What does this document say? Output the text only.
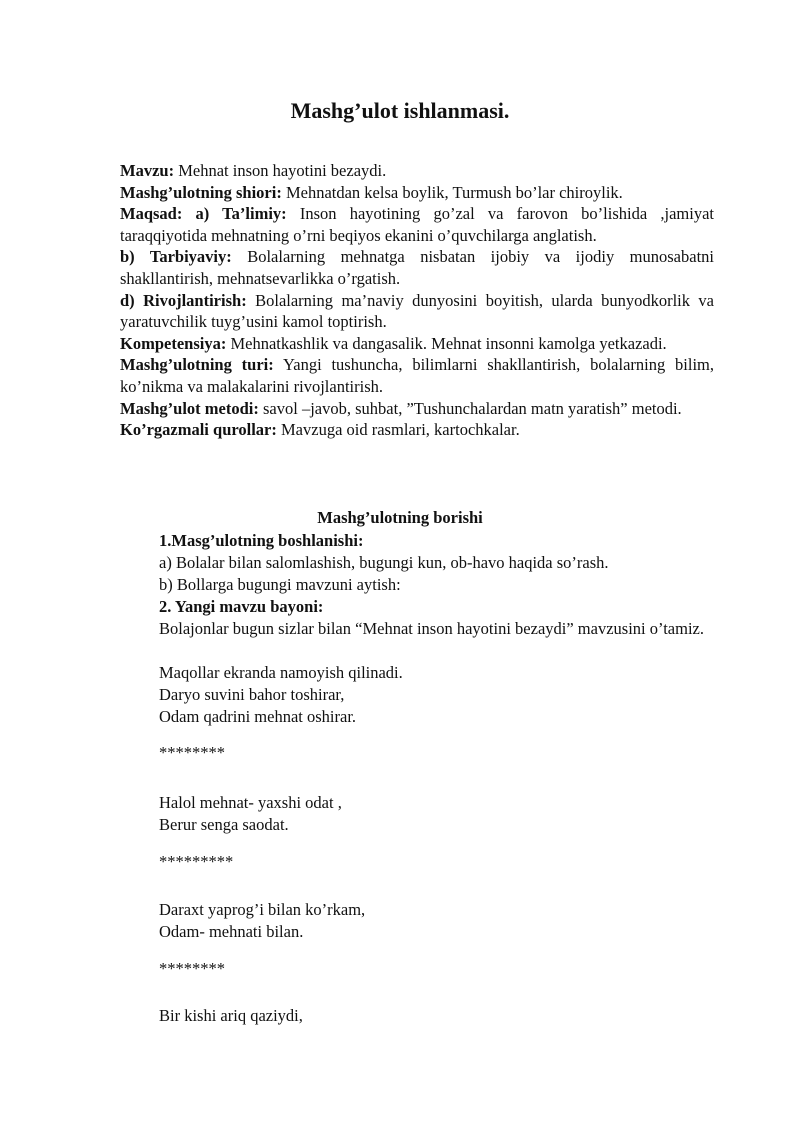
Mashg’ulot ishlanmasi.

Mavzu: Mehnat inson hayotini bezaydi.

Mashg’ulotning shiori: Mehnatdan kelsa boylik, Turmush bo’lar chiroylik.

Maqsad: a) Ta’limiy: Inson hayotining go’zal va farovon bo’lishida ,jamiyat taraqqiyotida mehnatning o’rni beqiyos ekanini o’quvchilarga anglatish.

b) Tarbiyaviy: Bolalarning mehnatga nisbatan ijobiy va ijodiy munosabatni shakllantirish, mehnatsevarlikka o’rgatish.

d) Rivojlantirish: Bolalarning ma’naviy dunyosini boyitish, ularda bunyodkorlik va yaratuvchilik tuyg’usini kamol toptirish.

Kompetensiya: Mehnatkashlik va dangasalik. Mehnat insonni kamolga yetkazadi.

Mashg’ulotning turi: Yangi tushuncha, bilimlarni shakllantirish, bolalarning bilim, ko’nikma va malakalarini rivojlantirish.

Mashg’ulot metodi: savol –javob, suhbat, ”Tushunchalardan matn yaratish” metodi.

Ko’rgazmali qurollar: Mavzuga oid rasmlari, kartochkalar.

Mashg’ulotning borishi
1.Masg’ulotning boshlanishi:
a) Bolalar bilan salomlashish, bugungi kun, ob-havo haqida so’rash.
b) Bollarga bugungi mavzuni aytish:
2. Yangi mavzu bayoni:

Bolajonlar bugun sizlar bilan “Mehnat inson hayotini bezaydi” mavzusini o’tamiz.

Maqollar ekranda namoyish qilinadi.
Daryo suvini bahor toshirar,
Odam qadrini mehnat oshirar.
********
Halol mehnat- yaxshi odat ,
Berur senga saodat.
*********
Daraxt yaprog’i bilan ko’rkam,
Odam- mehnati bilan.
********
Bir kishi ariq qaziydi,
